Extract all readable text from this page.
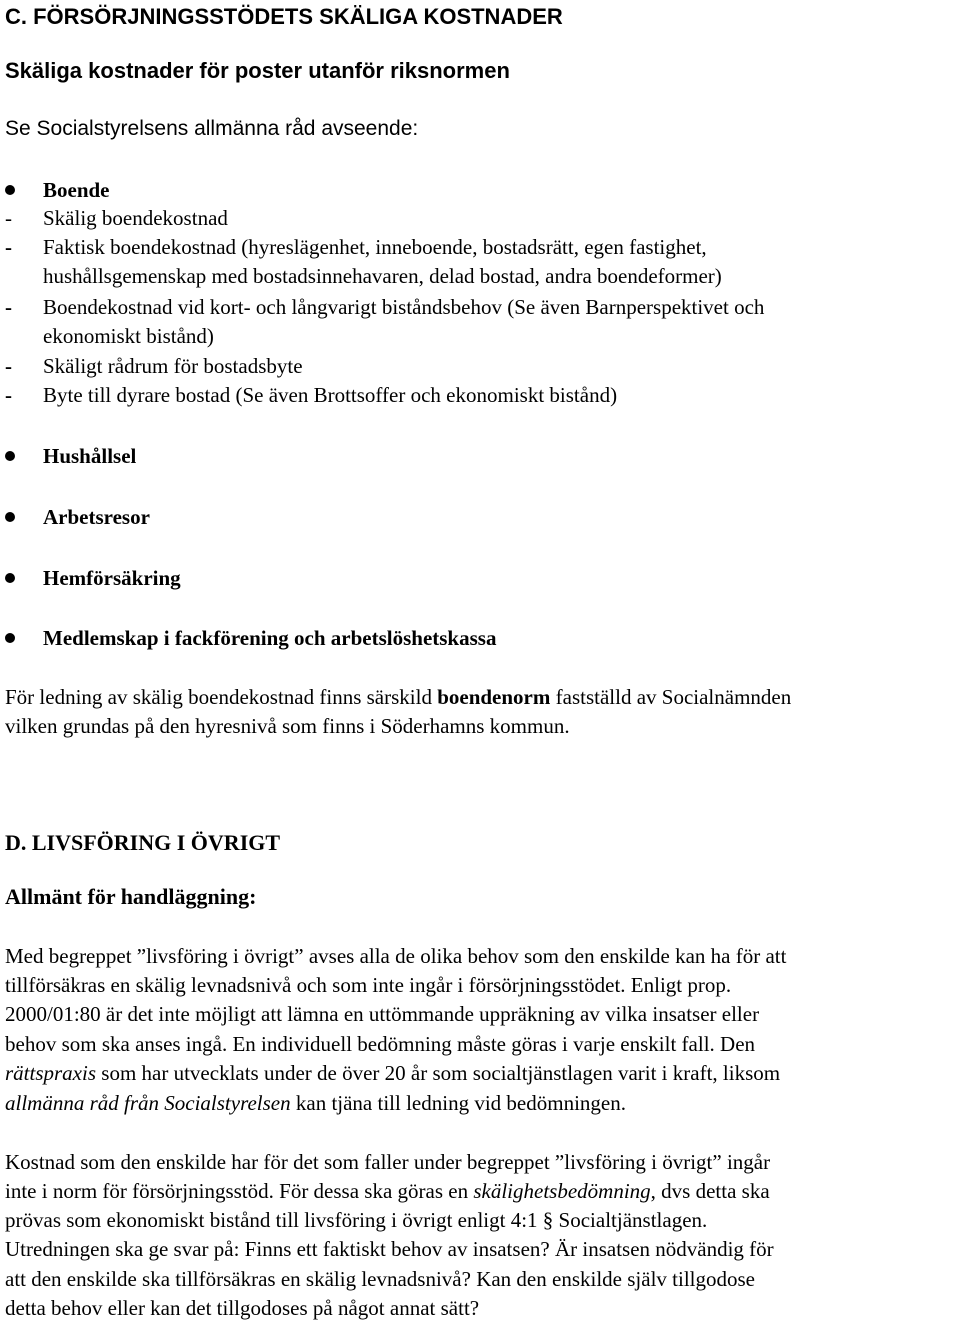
C. FÖRSÖRJNINGSSTÖDETS SKÄLIGA KOSTNADER
Skäliga kostnader för poster utanför riksnormen
Se Socialstyrelsens allmänna råd avseende:
Boende
- Skälig boendekostnad
- Faktisk boendekostnad (hyreslägenhet, inneboende, bostadsrätt, egen fastighet,
hushållsgemenskap med bostadsinnehavaren, delad bostad, andra boendeformer)
- Boendekostnad vid kort- och långvarigt biståndsbehov (Se även Barnperspektivet och
ekonomiskt bistånd)
- Skäligt rådrum för bostadsbyte
- Byte till dyrare bostad (Se även Brottsoffer och ekonomiskt bistånd)
Hushållsel
Arbetsresor
Hemförsäkring
Medlemskap i fackförening och arbetslöshetskassa
För ledning av skälig boendekostnad finns särskild boendenorm fastställd av Socialnämnden
vilken grundas på den hyresnivå som finns i Söderhamns kommun.
D. LIVSFÖRING I ÖVRIGT
Allmänt för handläggning:
Med begreppet ”livsföring i övrigt” avses alla de olika behov som den enskilde kan ha för att
tillförsäkras en skälig levnadsnivå och som inte ingår i försörjningsstödet. Enligt prop.
2000/01:80 är det inte möjligt att lämna en uttömmande uppräkning av vilka insatser eller
behov som ska anses ingå. En individuell bedömning måste göras i varje enskilt fall. Den
rättspraxis som har utvecklats under de över 20 år som socialtjänstlagen varit i kraft, liksom
allmänna råd från Socialstyrelsen kan tjäna till ledning vid bedömningen.
Kostnad som den enskilde har för det som faller under begreppet ”livsföring i övrigt” ingår
inte i norm för försörjningsstöd. För dessa ska göras en skälighetsbedömning, dvs detta ska
prövas som ekonomiskt bistånd till livsföring i övrigt enligt 4:1 § Socialtjänstlagen.
Utredningen ska ge svar på: Finns ett faktiskt behov av insatsen? Är insatsen nödvändig för
att den enskilde ska tillförsäkras en skälig levnadsnivå? Kan den enskilde själv tillgodose
detta behov eller kan det tillgodoses på något annat sätt?
